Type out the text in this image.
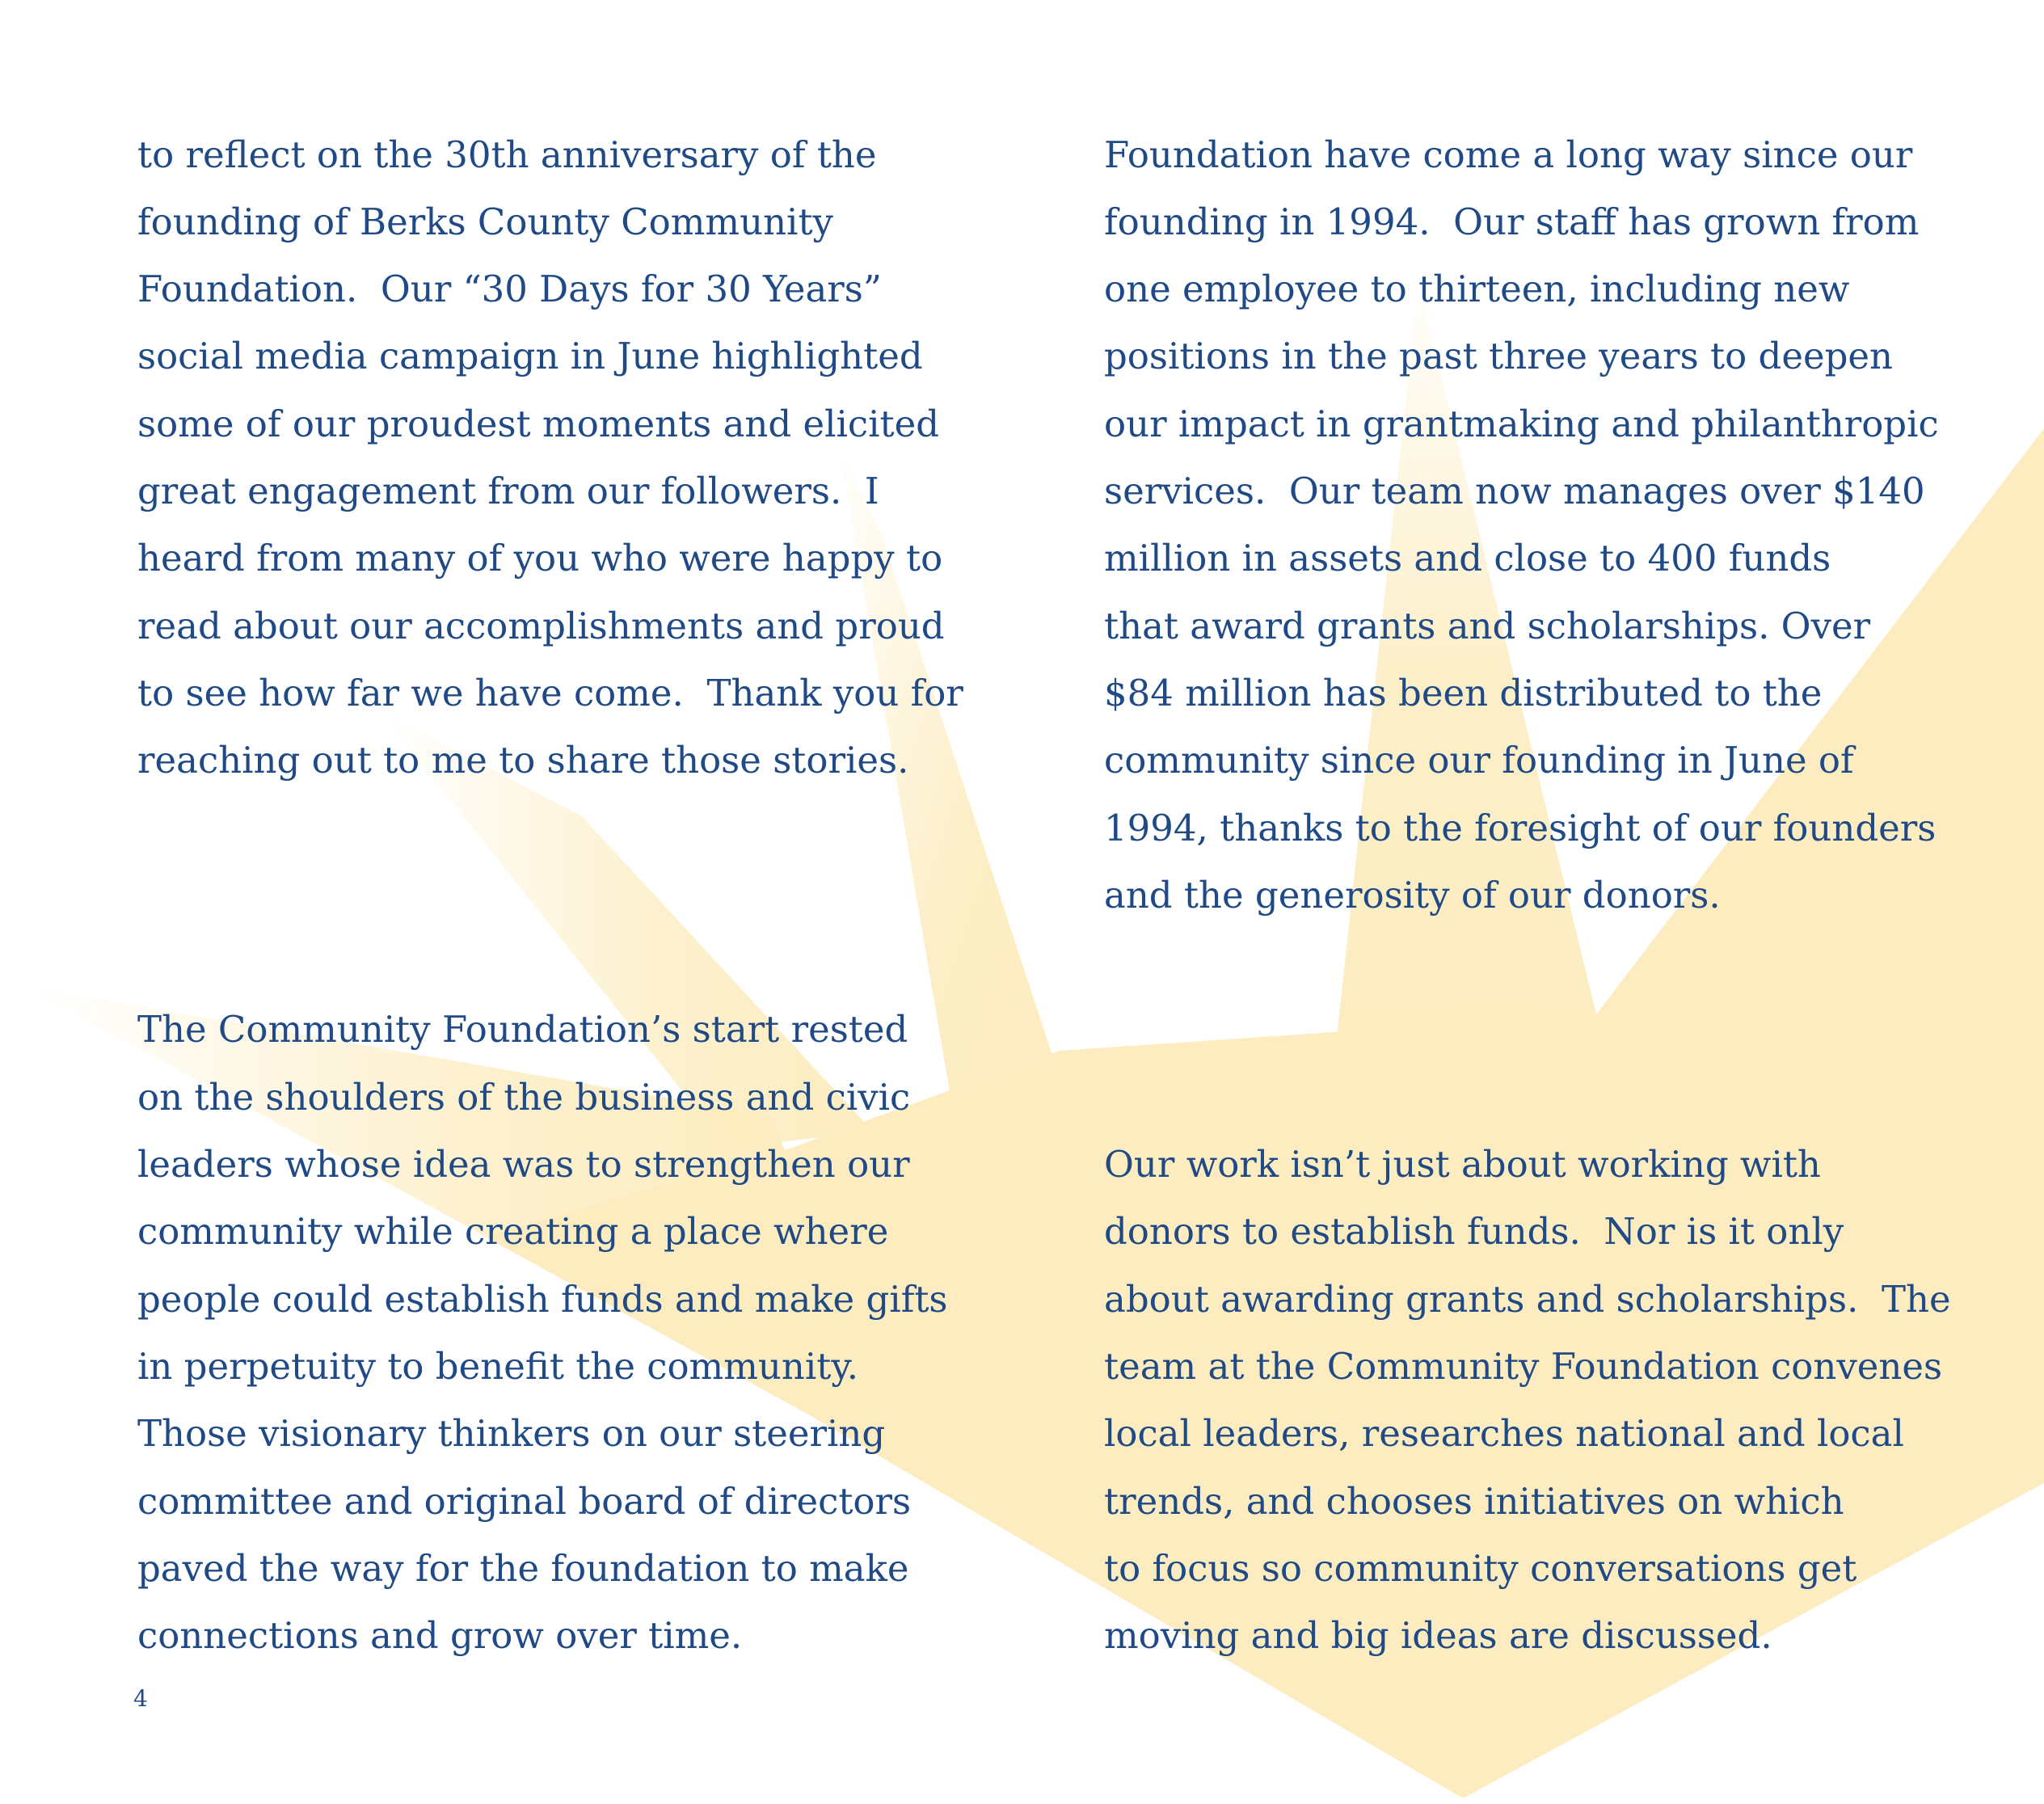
to reflect on the 30th anniversary of the
founding of Berks County Community
Foundation.  Our “30 Days for 30 Years”
social media campaign in June highlighted
some of our proudest moments and elicited
great engagement from our followers.  I
heard from many of you who were happy to
read about our accomplishments and proud
to see how far we have come.  Thank you for
reaching out to me to share those stories.

The Community Foundation’s start rested
on the shoulders of the business and civic
leaders whose idea was to strengthen our
community while creating a place where
people could establish funds and make gifts
in perpetuity to benefit the community.
Those visionary thinkers on our steering
committee and original board of directors
paved the way for the foundation to make
connections and grow over time.

Foundation have come a long way since our
founding in 1994.  Our staff has grown from
one employee to thirteen, including new
positions in the past three years to deepen
our impact in grantmaking and philanthropic
services.  Our team now manages over $140
million in assets and close to 400 funds
that award grants and scholarships. Over
$84 million has been distributed to the
community since our founding in June of
1994, thanks to the foresight of our founders
and the generosity of our donors.

Our work isn’t just about working with
donors to establish funds.  Nor is it only
about awarding grants and scholarships.  The
team at the Community Foundation convenes
local leaders, researches national and local
trends, and chooses initiatives on which
to focus so community conversations get
moving and big ideas are discussed.

4
